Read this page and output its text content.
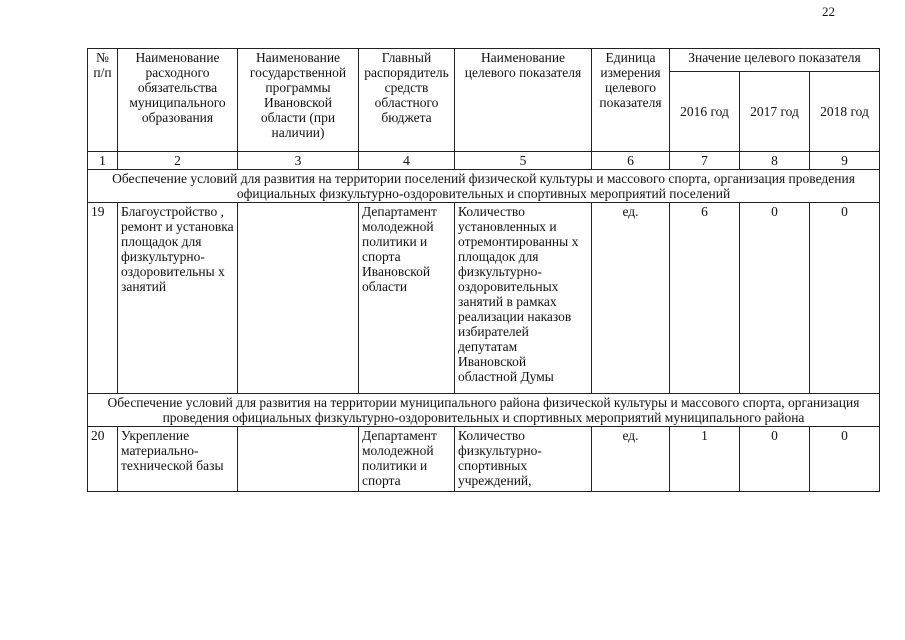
22
№ п/п	Наименование расходного обязательства муниципального образования	Наименование государственной программы Ивановской области (при наличии)	Главный распорядитель средств областного бюджета	Наименование целевого показателя	Единица измерения целевого показателя	Значение целевого показателя		
						2016 год	2017 год	2018 год
1	2	3	4	5	6	7	8	9
Обеспечение условий для развития на территории поселений физической культуры и массового спорта, организация проведения официальных физкультурно-оздоровительных и спортивных мероприятий поселений								
19	Благоустройство , ремонт и установка площадок для физкультурно-оздоровительны х занятий		Департамент молодежной политики и спорта Ивановской области	Количество установленных и отремонтированны х площадок для физкультурно-оздоровительных занятий в рамках реализации наказов избирателей депутатам Ивановской областной Думы	ед.	6	0	0
Обеспечение условий для развития на территории муниципального района физической культуры и массового спорта, организация проведения официальных физкультурно-оздоровительных и спортивных мероприятий муниципального района								
20	Укрепление материально-технической базы		Департамент молодежной политики и спорта	Количество физкультурно-спортивных учреждений,	ед.	1	0	0
